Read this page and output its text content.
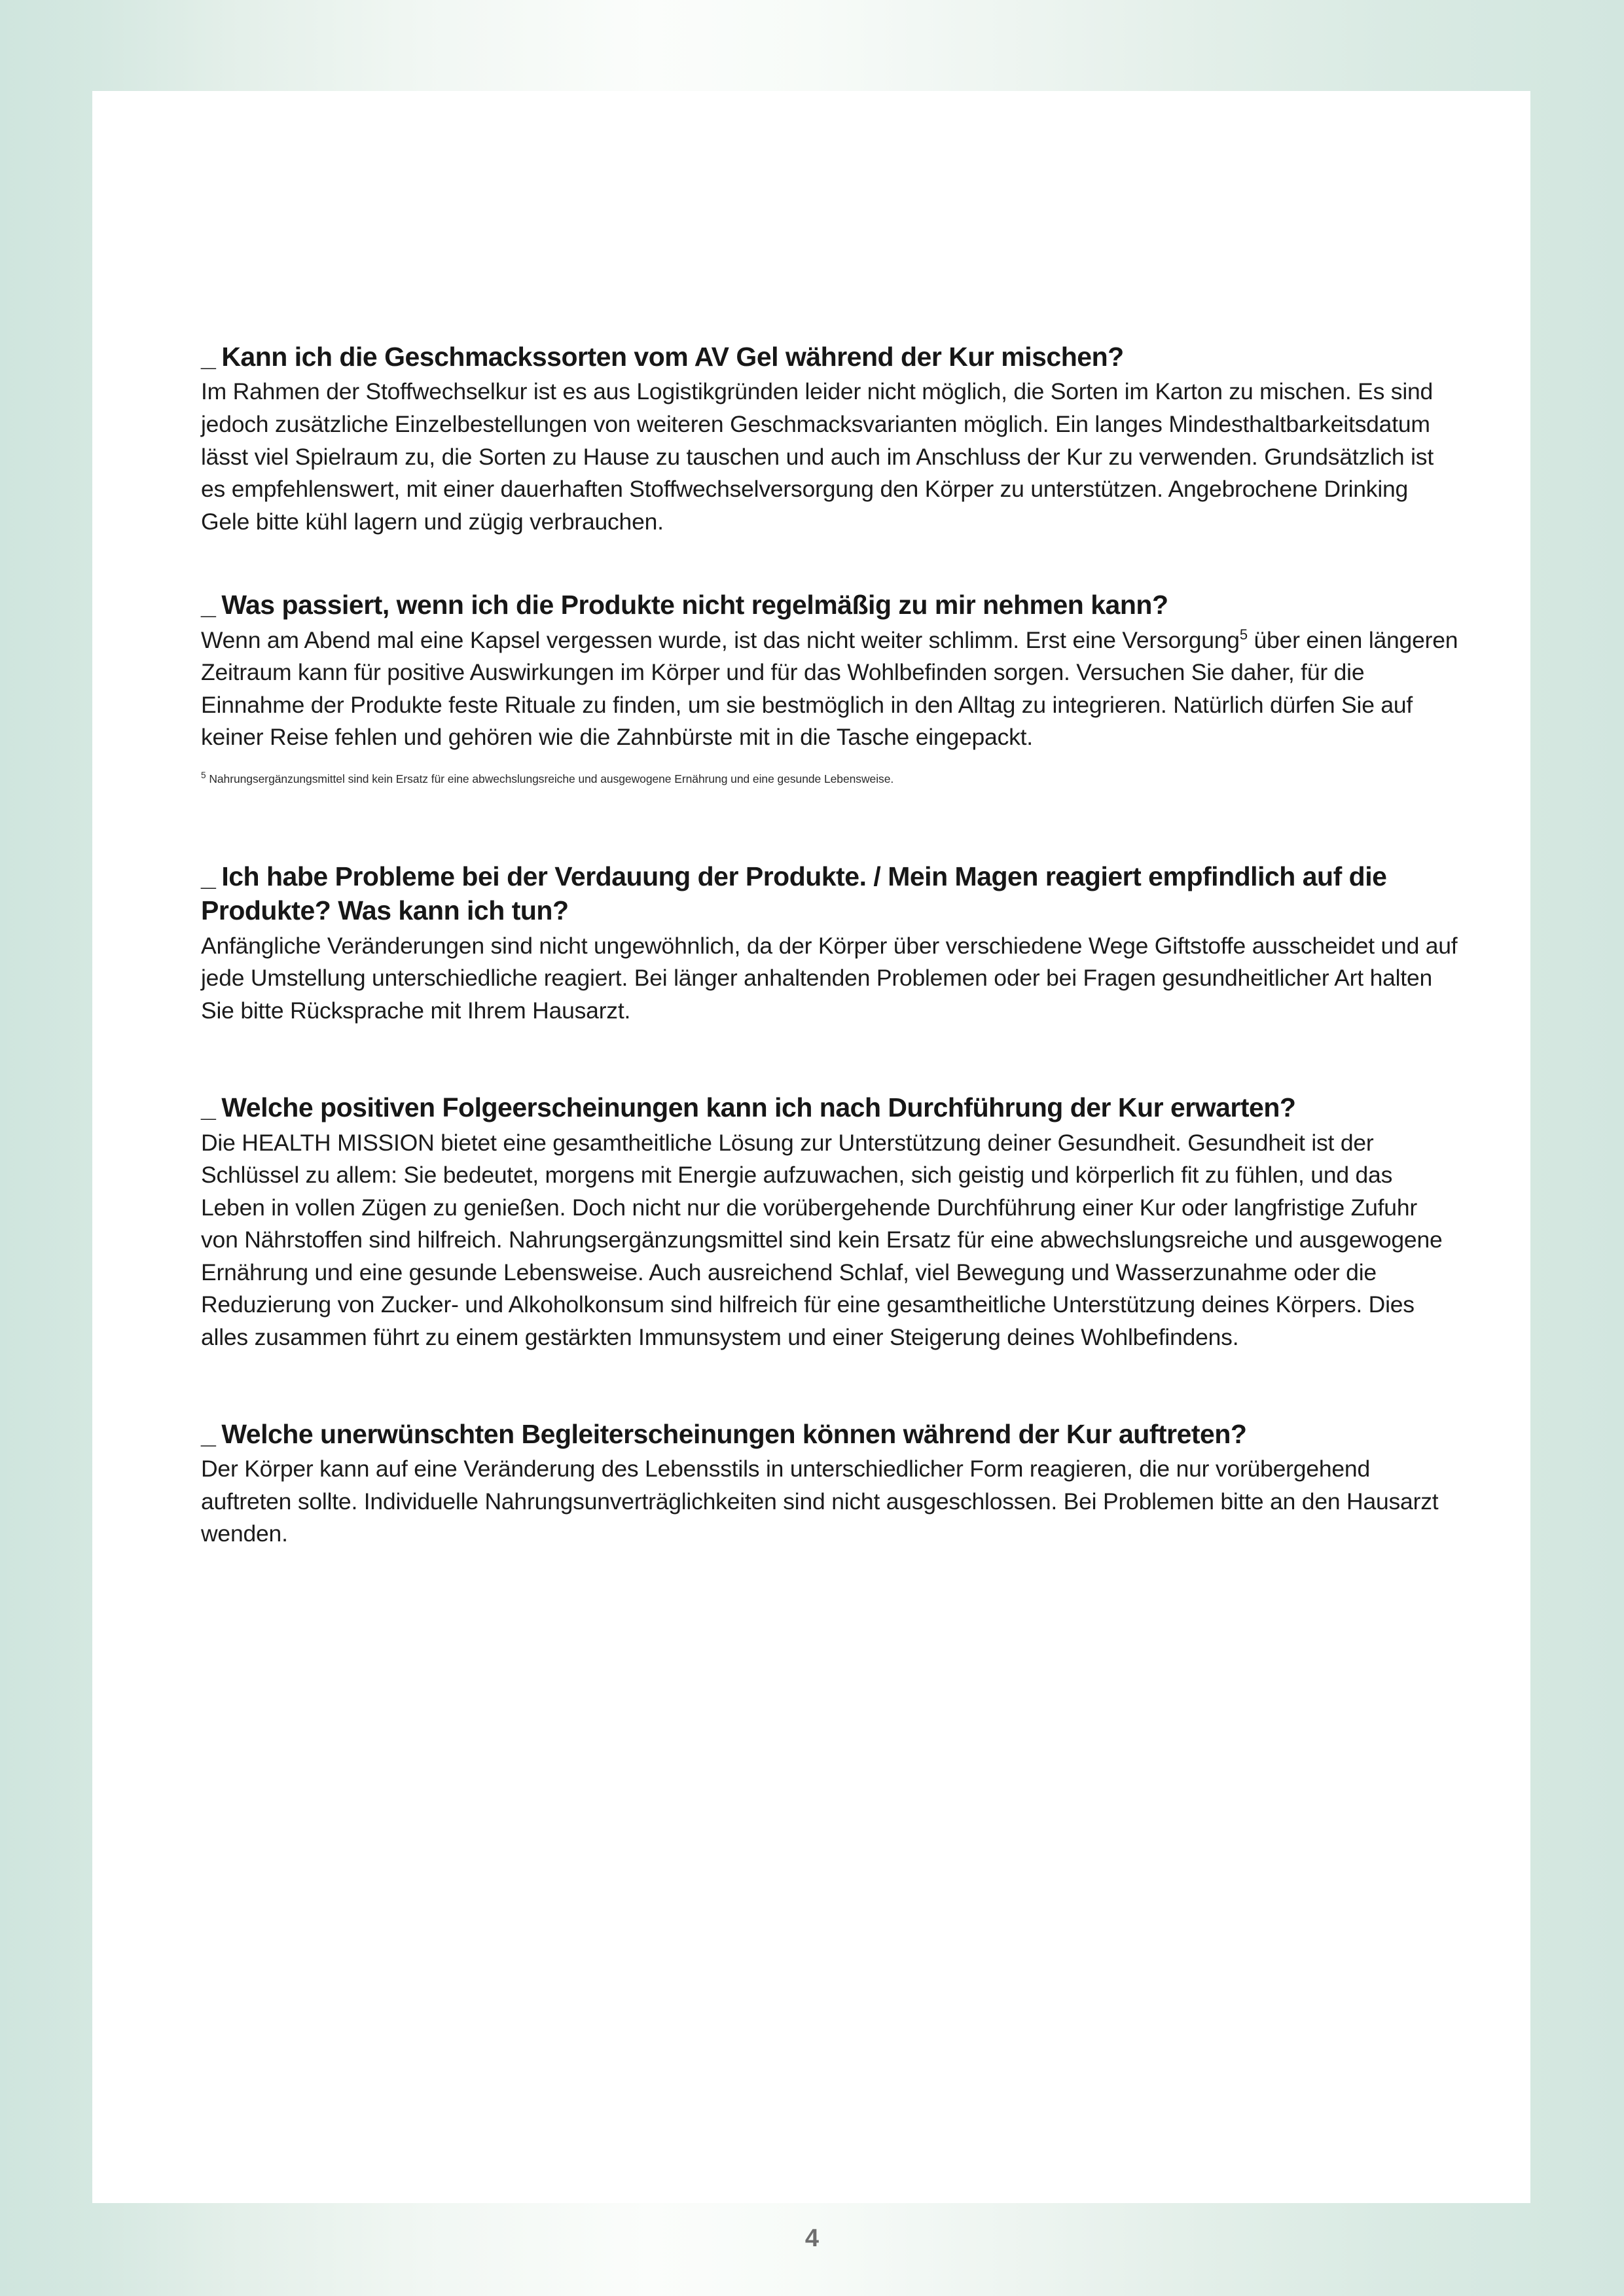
_ Kann ich die Geschmackssorten vom AV Gel während der Kur mischen?

Im Rahmen der Stoffwechselkur ist es aus Logistikgründen leider nicht möglich, die Sorten im Karton zu mischen. Es sind jedoch zusätzliche Einzelbestellungen von weiteren Geschmacksvarianten möglich. Ein langes Mindesthaltbarkeitsdatum lässt viel Spielraum zu, die Sorten zu Hause zu tauschen und auch im Anschluss der Kur zu verwenden. Grundsätzlich ist es empfehlenswert, mit einer dauerhaften Stoffwechselversorgung den Körper zu unterstützen. Angebrochene Drinking Gele bitte kühl lagern und zügig verbrauchen.

_ Was passiert, wenn ich die Produkte nicht regelmäßig zu mir nehmen kann?

Wenn am Abend mal eine Kapsel vergessen wurde, ist das nicht weiter schlimm. Erst eine Versorgung$^5$ über einen längeren Zeitraum kann für positive Auswirkungen im Körper und für das Wohlbefinden sorgen. Versuchen Sie daher, für die Einnahme der Produkte feste Rituale zu finden, um sie bestmöglich in den Alltag zu integrieren. Natürlich dürfen Sie auf keiner Reise fehlen und gehören wie die Zahnbürste mit in die Tasche eingepackt.

$^5$ Nahrungsergänzungsmittel sind kein Ersatz für eine abwechslungsreiche und ausgewogene Ernährung und eine gesunde Lebensweise.

_ Ich habe Probleme bei der Verdauung der Produkte. / Mein Magen reagiert empfindlich auf die Produkte? Was kann ich tun?

Anfängliche Veränderungen sind nicht ungewöhnlich, da der Körper über verschiedene Wege Giftstoffe ausscheidet und auf jede Umstellung unterschiedliche reagiert. Bei länger anhaltenden Problemen oder bei Fragen gesundheitlicher Art halten Sie bitte Rücksprache mit Ihrem Hausarzt.

_ Welche positiven Folgeerscheinungen kann ich nach Durchführung der Kur erwarten?

Die HEALTH MISSION bietet eine gesamtheitliche Lösung zur Unterstützung deiner Gesundheit. Gesundheit ist der Schlüssel zu allem: Sie bedeutet, morgens mit Energie aufzuwachen, sich geistig und körperlich fit zu fühlen, und das Leben in vollen Zügen zu genießen. Doch nicht nur die vorübergehende Durchführung einer Kur oder langfristige Zufuhr von Nährstoffen sind hilfreich. Nahrungsergänzungsmittel sind kein Ersatz für eine abwechslungsreiche und ausgewogene Ernährung und eine gesunde Lebensweise. Auch ausreichend Schlaf, viel Bewegung und Wasserzunahme oder die Reduzierung von Zucker- und Alkoholkonsum sind hilfreich für eine gesamtheitliche Unterstützung deines Körpers. Dies alles zusammen führt zu einem gestärkten Immunsystem und einer Steigerung deines Wohlbefindens.

_ Welche unerwünschten Begleiterscheinungen können während der Kur auftreten?

Der Körper kann auf eine Veränderung des Lebensstils in unterschiedlicher Form reagieren, die nur vorübergehend auftreten sollte. Individuelle Nahrungsunverträglichkeiten sind nicht ausgeschlossen. Bei Problemen bitte an den Hausarzt wenden.

4
